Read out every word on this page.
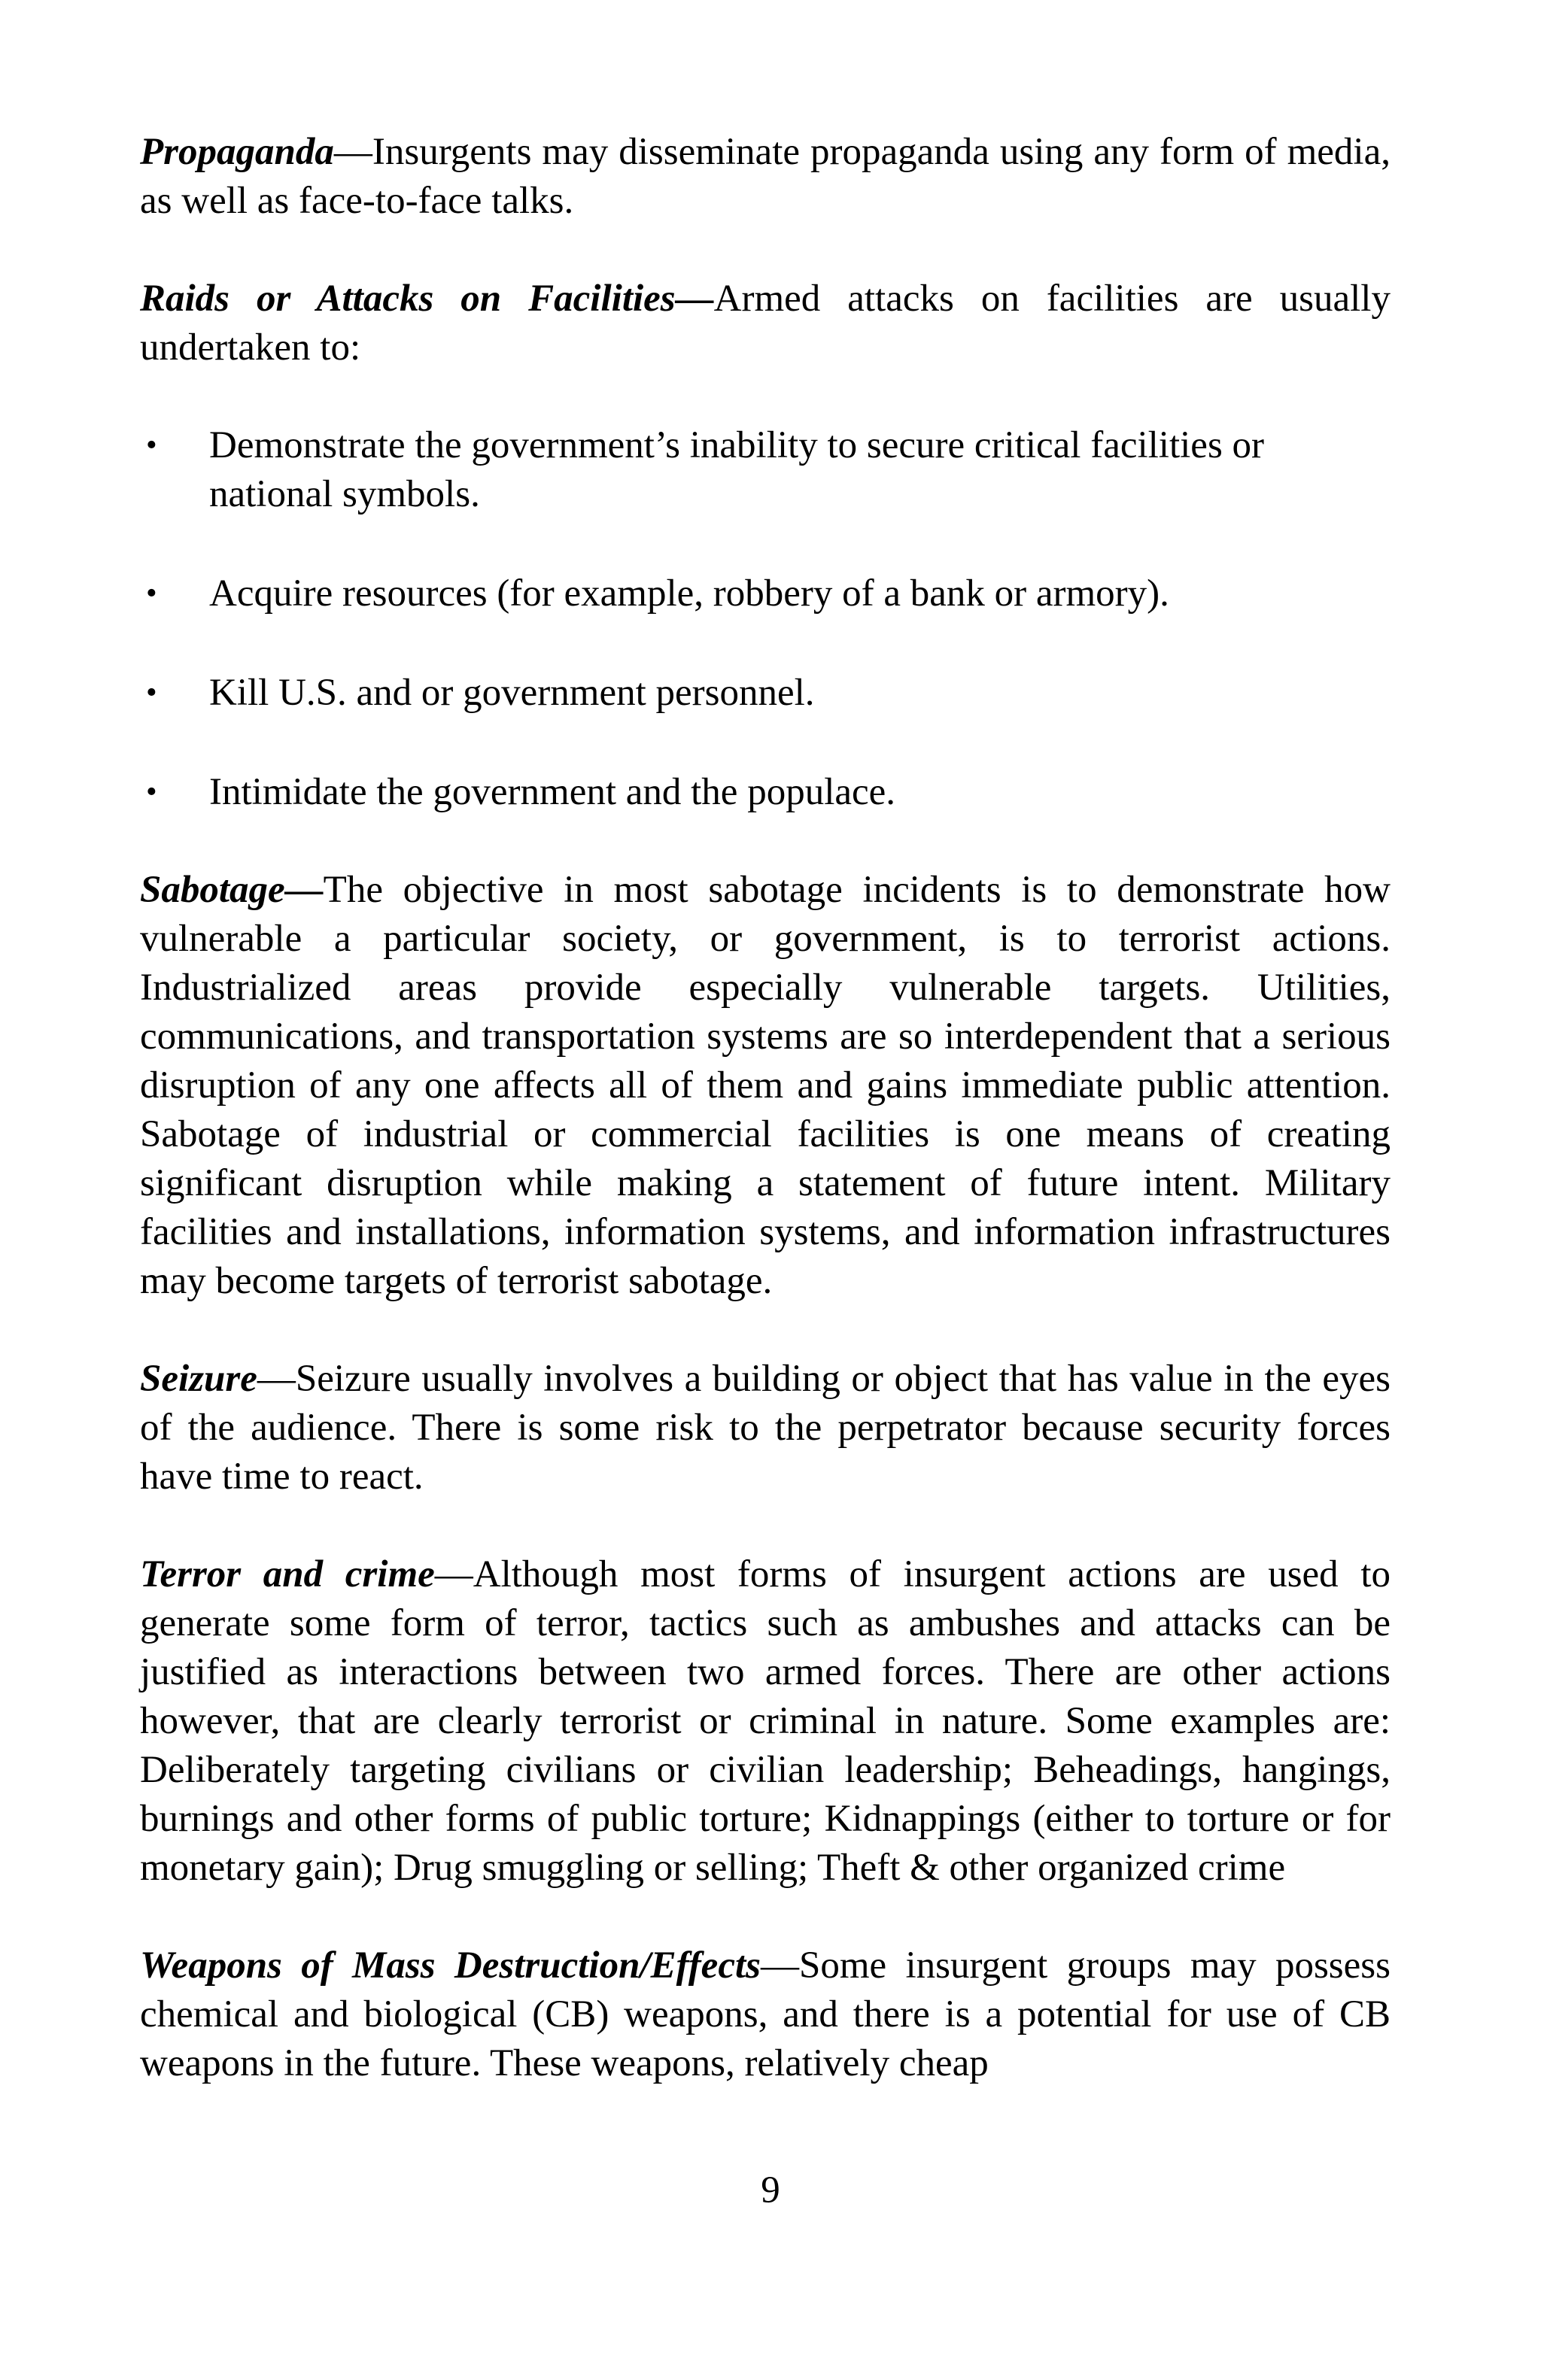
Propaganda—Insurgents may disseminate propaganda using any form of media, as well as face-to-face talks.

Raids or Attacks on Facilities—Armed attacks on facilities are usually undertaken to:

• Demonstrate the government’s inability to secure critical facilities or national symbols.
• Acquire resources (for example, robbery of a bank or armory).
• Kill U.S. and or government personnel.
• Intimidate the government and the populace.

Sabotage—The objective in most sabotage incidents is to demonstrate how vulnerable a particular society, or government, is to terrorist actions. Industrialized areas provide especially vulnerable targets. Utilities, communications, and transportation systems are so interdependent that a serious disruption of any one affects all of them and gains immediate public attention. Sabotage of industrial or commercial facilities is one means of creating significant disruption while making a statement of future intent. Military facilities and installations, information systems, and information infrastructures may become targets of terrorist sabotage.

Seizure—Seizure usually involves a building or object that has value in the eyes of the audience. There is some risk to the perpetrator because security forces have time to react.

Terror and crime—Although most forms of insurgent actions are used to generate some form of terror, tactics such as ambushes and attacks can be justified as interactions between two armed forces. There are other actions however, that are clearly terrorist or criminal in nature. Some examples are: Deliberately targeting civilians or civilian leadership; Beheadings, hangings, burnings and other forms of public torture; Kidnappings (either to torture or for monetary gain); Drug smuggling or selling; Theft & other organized crime

Weapons of Mass Destruction/Effects—Some insurgent groups may possess chemical and biological (CB) weapons, and there is a potential for use of CB weapons in the future. These weapons, relatively cheap

9
